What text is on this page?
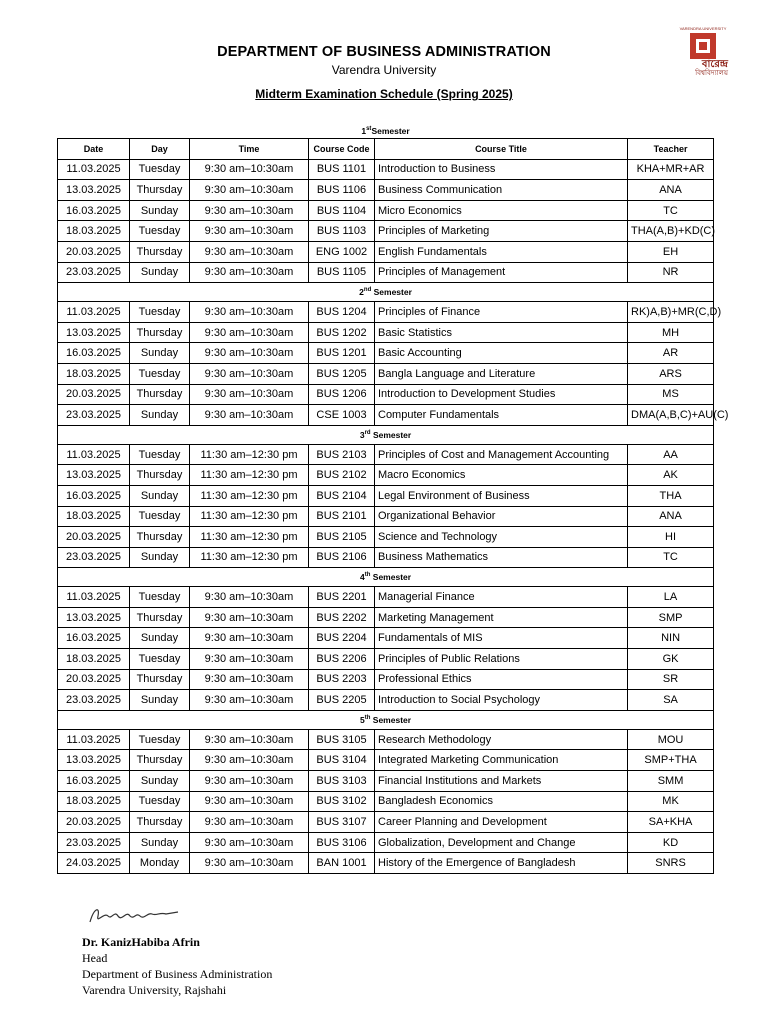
DEPARTMENT OF BUSINESS ADMINISTRATION
Varendra University
Midterm Examination Schedule (Spring 2025)
VARENDRA UNIVERSITY
বারেন্দ্র
বিশ্ববিদ্যালয়
1stSemester					
Date	Day	Time	Course Code	Course Title	Teacher
11.03.2025	Tuesday	9:30 am–10:30am	BUS 1101	Introduction to Business	KHA+MR+AR
13.03.2025	Thursday	9:30 am–10:30am	BUS 1106	Business Communication	ANA
16.03.2025	Sunday	9:30 am–10:30am	BUS 1104	Micro Economics	TC
18.03.2025	Tuesday	9:30 am–10:30am	BUS 1103	Principles of Marketing	THA(A,B)+KD(C)
20.03.2025	Thursday	9:30 am–10:30am	ENG 1002	English Fundamentals	EH
23.03.2025	Sunday	9:30 am–10:30am	BUS 1105	Principles of Management	NR
2nd Semester					
11.03.2025	Tuesday	9:30 am–10:30am	BUS 1204	Principles of Finance	RK)A,B)+MR(C,D)
13.03.2025	Thursday	9:30 am–10:30am	BUS 1202	Basic Statistics	MH
16.03.2025	Sunday	9:30 am–10:30am	BUS 1201	Basic Accounting	AR
18.03.2025	Tuesday	9:30 am–10:30am	BUS 1205	Bangla Language and Literature	ARS
20.03.2025	Thursday	9:30 am–10:30am	BUS 1206	Introduction to Development Studies	MS
23.03.2025	Sunday	9:30 am–10:30am	CSE 1003	Computer Fundamentals	DMA(A,B,C)+AU(C)
3rd Semester					
11.03.2025	Tuesday	11:30 am–12:30 pm	BUS 2103	Principles of Cost and Management Accounting	AA
13.03.2025	Thursday	11:30 am–12:30 pm	BUS 2102	Macro Economics	AK
16.03.2025	Sunday	11:30 am–12:30 pm	BUS 2104	Legal Environment of Business	THA
18.03.2025	Tuesday	11:30 am–12:30 pm	BUS 2101	Organizational Behavior	ANA
20.03.2025	Thursday	11:30 am–12:30 pm	BUS 2105	Science and Technology	HI
23.03.2025	Sunday	11:30 am–12:30 pm	BUS 2106	Business Mathematics	TC
4th Semester					
11.03.2025	Tuesday	9:30 am–10:30am	BUS 2201	Managerial Finance	LA
13.03.2025	Thursday	9:30 am–10:30am	BUS 2202	Marketing Management	SMP
16.03.2025	Sunday	9:30 am–10:30am	BUS 2204	Fundamentals of MIS	NIN
18.03.2025	Tuesday	9:30 am–10:30am	BUS 2206	Principles of Public Relations	GK
20.03.2025	Thursday	9:30 am–10:30am	BUS 2203	Professional Ethics	SR
23.03.2025	Sunday	9:30 am–10:30am	BUS 2205	Introduction to Social Psychology	SA
5th Semester					
11.03.2025	Tuesday	9:30 am–10:30am	BUS 3105	Research Methodology	MOU
13.03.2025	Thursday	9:30 am–10:30am	BUS 3104	Integrated Marketing Communication	SMP+THA
16.03.2025	Sunday	9:30 am–10:30am	BUS 3103	Financial Institutions and Markets	SMM
18.03.2025	Tuesday	9:30 am–10:30am	BUS 3102	Bangladesh Economics	MK
20.03.2025	Thursday	9:30 am–10:30am	BUS 3107	Career Planning and Development	SA+KHA
23.03.2025	Sunday	9:30 am–10:30am	BUS 3106	Globalization, Development and Change	KD
24.03.2025	Monday	9:30 am–10:30am	BAN 1001	History of the Emergence of Bangladesh	SNRS
Dr. KanizHabiba Afrin
Head
Department of Business Administration
Varendra University, Rajshahi
